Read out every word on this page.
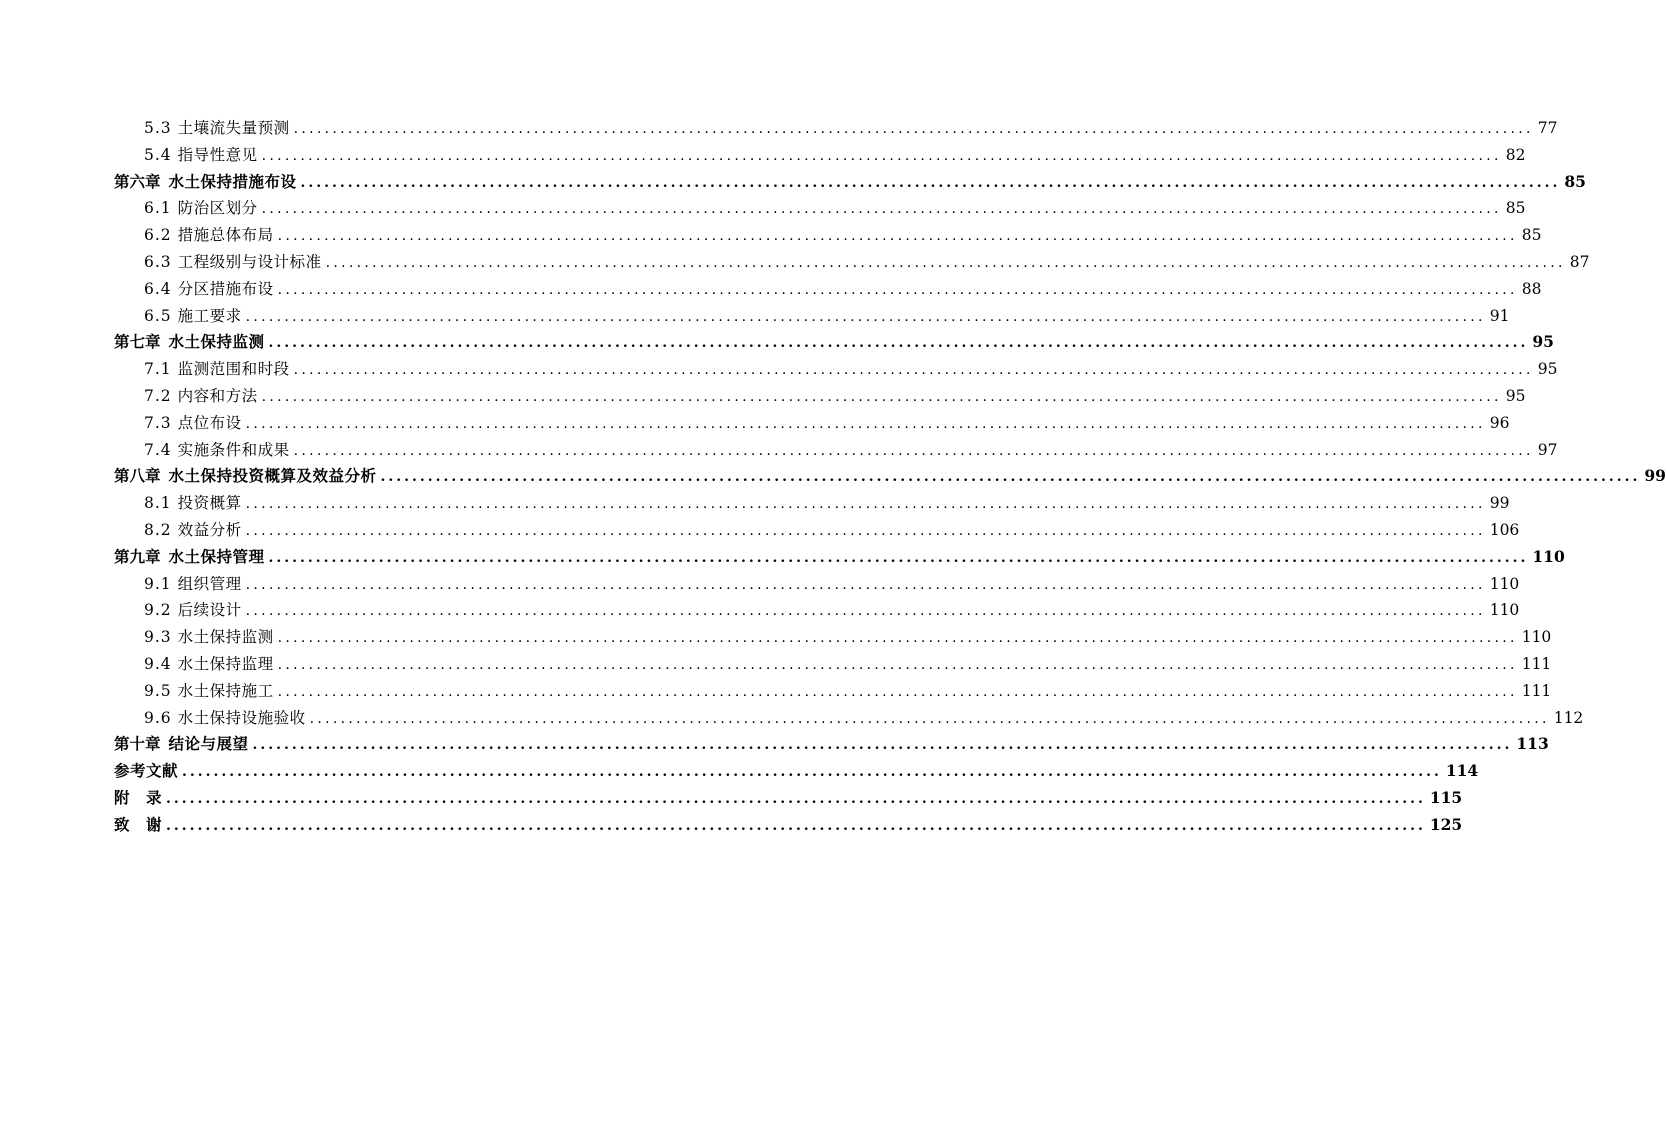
5.3 土壤流失量预测 ................................................................................................................................................................ 77
5.4 指导性意见 ................................................................................................................................................................ 82
第六章 水土保持措施布设 ................................................................................................................................................................ 85
6.1 防治区划分 ................................................................................................................................................................ 85
6.2 措施总体布局 ................................................................................................................................................................ 85
6.3 工程级别与设计标准 ................................................................................................................................................................ 87
6.4 分区措施布设 ................................................................................................................................................................ 88
6.5 施工要求 ................................................................................................................................................................ 91
第七章 水土保持监测 ................................................................................................................................................................ 95
7.1 监测范围和时段 ................................................................................................................................................................ 95
7.2 内容和方法 ................................................................................................................................................................ 95
7.3 点位布设 ................................................................................................................................................................ 96
7.4 实施条件和成果 ................................................................................................................................................................ 97
第八章 水土保持投资概算及效益分析 ................................................................................................................................................................ 99
8.1 投资概算 ................................................................................................................................................................ 99
8.2 效益分析 ................................................................................................................................................................ 106
第九章 水土保持管理 ................................................................................................................................................................ 110
9.1 组织管理 ................................................................................................................................................................ 110
9.2 后续设计 ................................................................................................................................................................ 110
9.3 水土保持监测 ................................................................................................................................................................ 110
9.4 水土保持监理 ................................................................................................................................................................ 111
9.5 水土保持施工 ................................................................................................................................................................ 111
9.6 水土保持设施验收 ................................................................................................................................................................ 112
第十章 结论与展望 ................................................................................................................................................................ 113
参考文献 ................................................................................................................................................................ 114
附　录 ................................................................................................................................................................ 115
致　谢 ................................................................................................................................................................ 125
